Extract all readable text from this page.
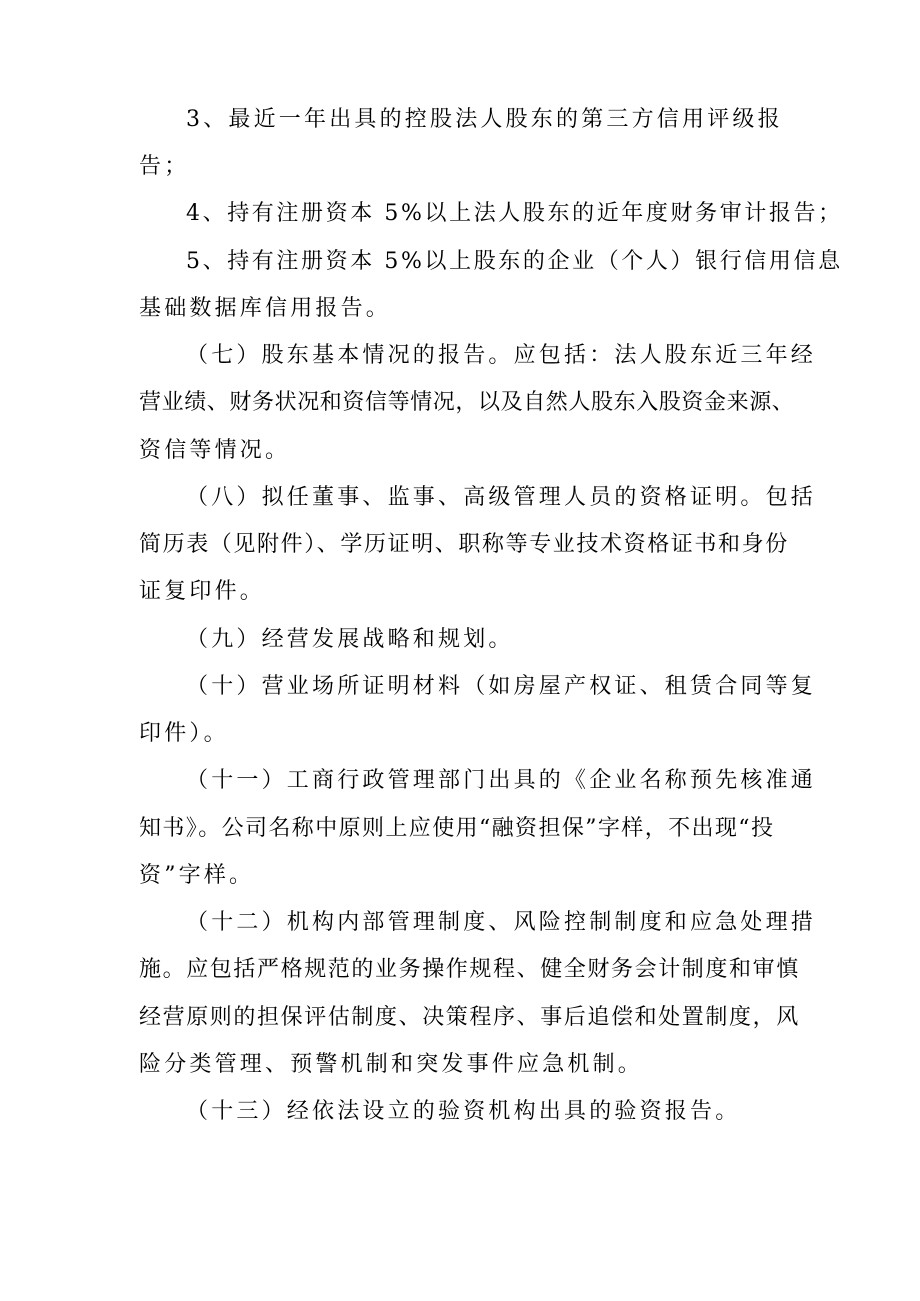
3、最近一年出具的控股法人股东的第三方信用评级报
告；
4、持有注册资本 5%以上法人股东的近年度财务审计报告；
5、持有注册资本 5%以上股东的企业（个人）银行信用信息
基础数据库信用报告。
（七）股东基本情况的报告。应包括：法人股东近三年经
营业绩、财务状况和资信等情况，以及自然人股东入股资金来源、
资信等情况。
（八）拟任董事、监事、高级管理人员的资格证明。包括
简历表（见附件）、学历证明、职称等专业技术资格证书和身份
证复印件。
（九）经营发展战略和规划。
（十）营业场所证明材料（如房屋产权证、租赁合同等复
印件）。
（十一）工商行政管理部门出具的《企业名称预先核准通
知书》。公司名称中原则上应使用“融资担保”字样，不出现“投
资”字样。
（十二）机构内部管理制度、风险控制制度和应急处理措
施。应包括严格规范的业务操作规程、健全财务会计制度和审慎
经营原则的担保评估制度、决策程序、事后追偿和处置制度，风
险分类管理、预警机制和突发事件应急机制。
（十三）经依法设立的验资机构出具的验资报告。
